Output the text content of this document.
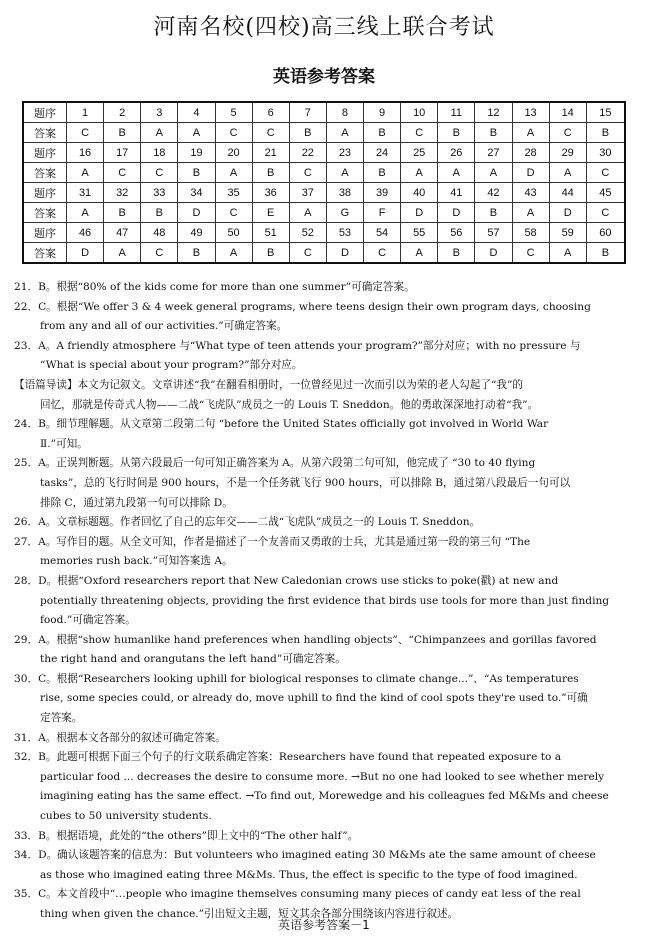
河南名校(四校)高三线上联合考试
英语参考答案
题序	1	2	3	4	5	6	7	8	9	10	11	12	13	14	15
答案	C	B	A	A	C	C	B	A	B	C	B	B	A	C	B
题序	16	17	18	19	20	21	22	23	24	25	26	27	28	29	30
答案	A	C	C	B	A	B	C	A	B	A	A	A	D	A	C
题序	31	32	33	34	35	36	37	38	39	40	41	42	43	44	45
答案	A	B	B	D	C	E	A	G	F	D	D	B	A	D	C
题序	46	47	48	49	50	51	52	53	54	55	56	57	58	59	60
答案	D	A	C	B	A	B	C	D	C	A	B	D	C	A	B
21．B。根据“80% of the kids come for more than one summer”可确定答案。
22．C。根据“We offer 3 & 4 week general programs, where teens design their own program days, choosing
from any and all of our activities.”可确定答案。
23．A。A friendly atmosphere 与“What type of teen attends your program?”部分对应；with no pressure 与
“What is special about your program?”部分对应。
【语篇导读】本文为记叙文。文章讲述“我”在翻看相册时，一位曾经见过一次而引以为荣的老人勾起了“我”的
回忆，那就是传奇式人物——二战“飞虎队”成员之一的 Louis T. Sneddon。他的勇敢深深地打动着“我”。
24．B。细节理解题。从文章第二段第二句 “before the United States officially got involved in World War
Ⅱ.”可知。
25．A。正误判断题。从第六段最后一句可知正确答案为 A。从第六段第二句可知，他完成了 “30 to 40 flying
tasks”，总的飞行时间是 900 hours，不是一个任务就飞行 900 hours，可以排除 B，通过第八段最后一句可以
排除 C，通过第九段第一句可以排除 D。
26．A。文章标题题。作者回忆了自己的忘年交——二战“飞虎队”成员之一的 Louis T. Sneddon。
27．A。写作目的题。从全文可知，作者是描述了一个友善而又勇敢的士兵，尤其是通过第一段的第三句 “The
memories rush back.”可知答案选 A。
28．D。根据“Oxford researchers report that New Caledonian crows use sticks to poke(戳) at new and
potentially threatening objects, providing the first evidence that birds use tools for more than just finding
food.”可确定答案。
29．A。根据“show humanlike hand preferences when handling objects”、“Chimpanzees and gorillas favored
the right hand and orangutans the left hand”可确定答案。
30．C。根据“Researchers looking uphill for biological responses to climate change...”、“As temperatures
rise, some species could, or already do, move uphill to find the kind of cool spots they're used to.”可确
定答案。
31．A。根据本文各部分的叙述可确定答案。
32．B。此题可根据下面三个句子的行文联系确定答案：Researchers have found that repeated exposure to a
particular food ... decreases the desire to consume more. →But no one had looked to see whether merely
imagining eating has the same effect. →To find out, Morewedge and his colleagues fed M&Ms and cheese
cubes to 50 university students.
33．B。根据语境，此处的“the others”即上文中的“The other half”。
34．D。确认该题答案的信息为：But volunteers who imagined eating 30 M&Ms ate the same amount of cheese
as those who imagined eating three M&Ms. Thus, the effect is specific to the type of food imagined.
35．C。本文首段中“…people who imagine themselves consuming many pieces of candy eat less of the real
thing when given the chance.”引出短文主题，短文其余各部分围绕该内容进行叙述。
英语参考答案－1
